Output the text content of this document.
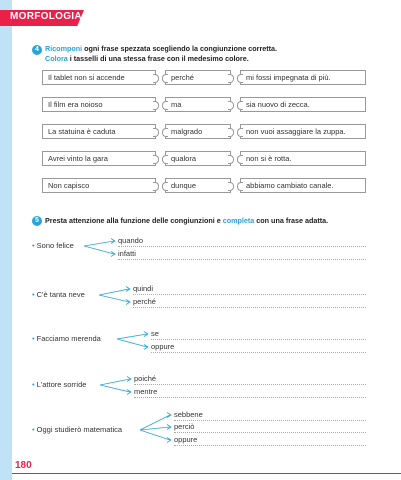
MORFOLOGIA
4 Ricomponi ogni frase spezzata scegliendo la congiunzione corretta.
Colora i tasselli di una stessa frase con il medesimo colore.
Il tablet non si accende
Il film era noioso
La statuina è caduta
Avrei vinto la gara
Non capisco
perché
ma
malgrado
qualora
dunque
mi fossi impegnata di più.
sia nuovo di zecca.
non vuoi assaggiare la zuppa.
non si è rotta.
abbiamo cambiato canale.
5 Presta attenzione alla funzione delle congiunzioni e completa con una frase adatta.
• Sono felice
quando
infatti
• C'è tanta neve
quindi
perché
• Facciamo merenda
se
oppure
• L'attore sorride
poiché
mentre
• Oggi studierò matematica
sebbene
perciò
oppure
180
